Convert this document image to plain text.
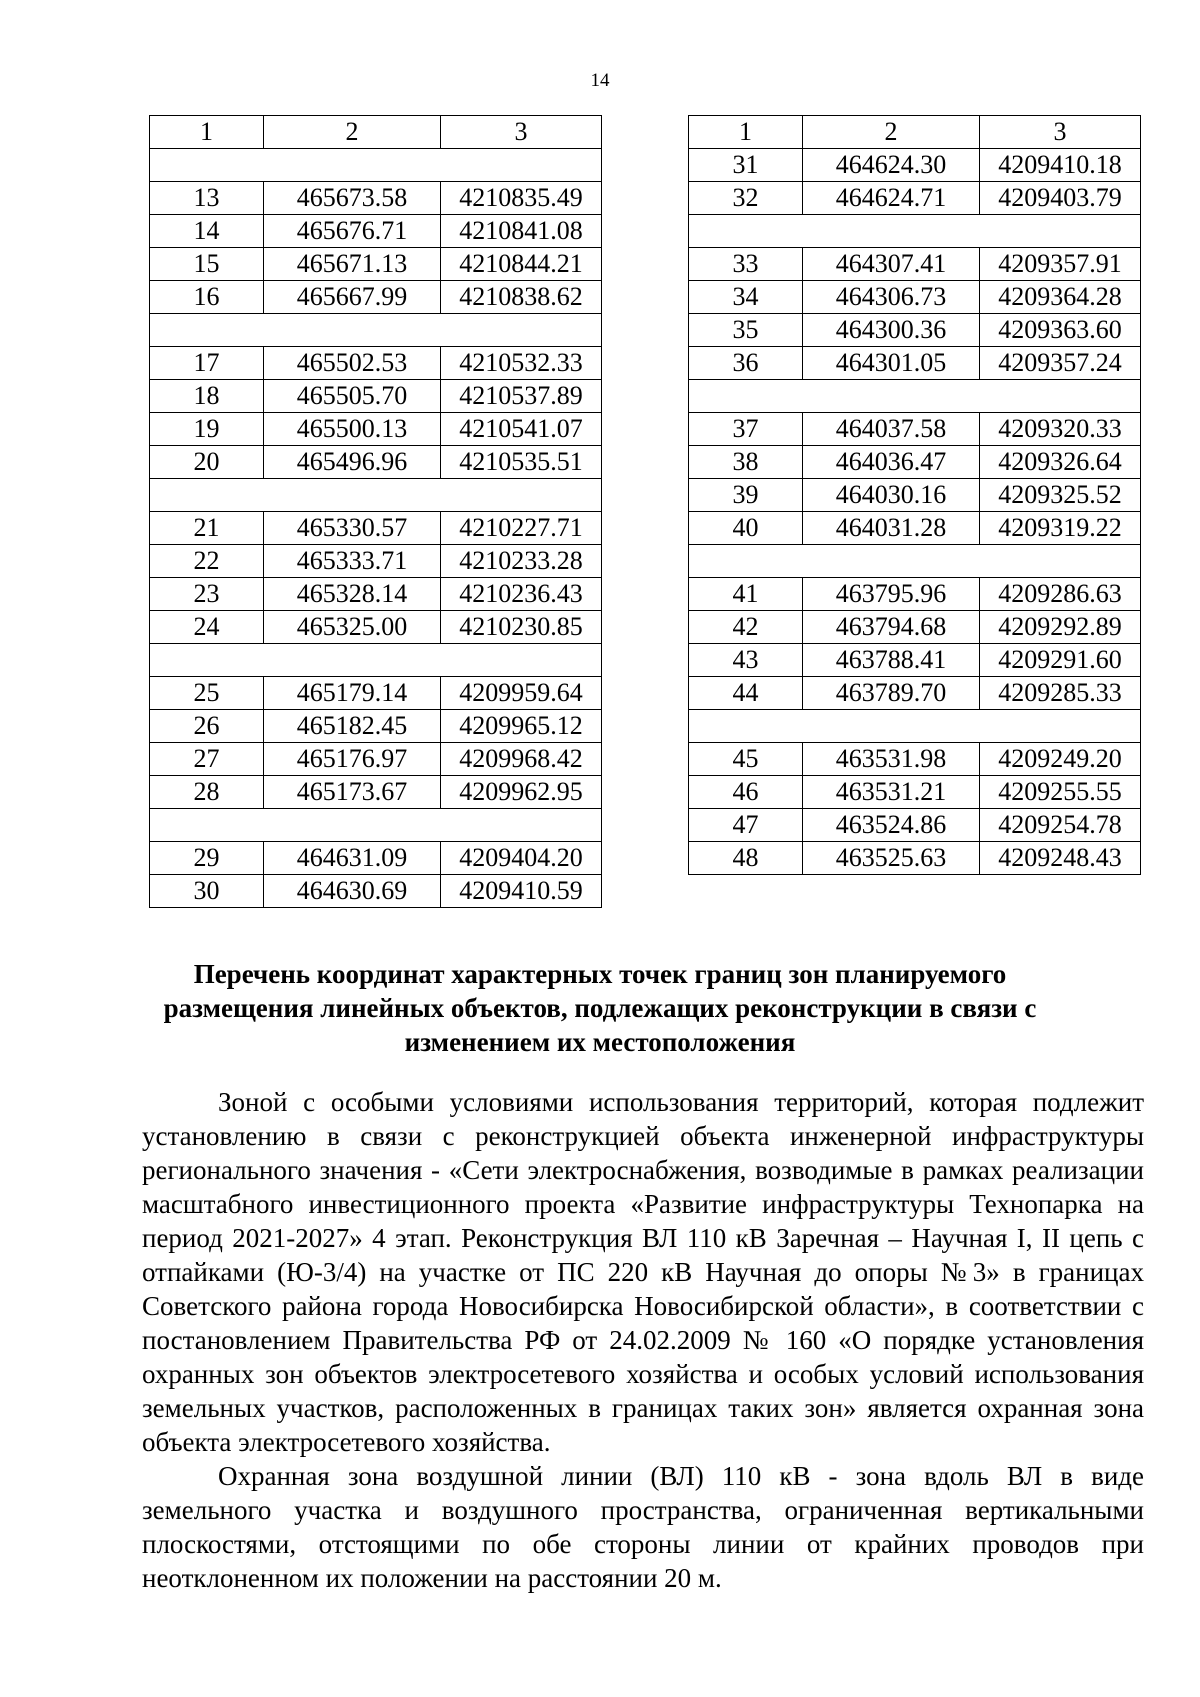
14
1	2	3

13	465673.58	4210835.49
14	465676.71	4210841.08
15	465671.13	4210844.21
16	465667.99	4210838.62

17	465502.53	4210532.33
18	465505.70	4210537.89
19	465500.13	4210541.07
20	465496.96	4210535.51

21	465330.57	4210227.71
22	465333.71	4210233.28
23	465328.14	4210236.43
24	465325.00	4210230.85

25	465179.14	4209959.64
26	465182.45	4209965.12
27	465176.97	4209968.42
28	465173.67	4209962.95

29	464631.09	4209404.20
30	464630.69	4209410.59
1	2	3
31	464624.30	4209410.18
32	464624.71	4209403.79

33	464307.41	4209357.91
34	464306.73	4209364.28
35	464300.36	4209363.60
36	464301.05	4209357.24

37	464037.58	4209320.33
38	464036.47	4209326.64
39	464030.16	4209325.52
40	464031.28	4209319.22

41	463795.96	4209286.63
42	463794.68	4209292.89
43	463788.41	4209291.60
44	463789.70	4209285.33

45	463531.98	4209249.20
46	463531.21	4209255.55
47	463524.86	4209254.78
48	463525.63	4209248.43
Перечень координат характерных точек границ зон планируемого размещения линейных объектов, подлежащих реконструкции в связи с изменением их местоположения

Зоной с особыми условиями использования территорий, которая подлежит установлению в связи с реконструкцией объекта инженерной инфраструктуры регионального значения - «Сети электроснабжения, возводимые в рамках реализации масштабного инвестиционного проекта «Развитие инфраструктуры Технопарка на период 2021-2027» 4 этап. Реконструкция ВЛ 110 кВ Заречная – Научная I, II цепь с отпайками (Ю-3/4) на участке от ПС 220 кВ Научная до опоры №3» в границах Советского района города Новосибирска Новосибирской области», в соответствии с постановлением Правительства РФ от 24.02.2009 № 160 «О порядке установления охранных зон объектов электросетевого хозяйства и особых условий использования земельных участков, расположенных в границах таких зон» является охранная зона объекта электросетевого хозяйства.

Охранная зона воздушной линии (ВЛ) 110 кВ - зона вдоль ВЛ в виде земельного участка и воздушного пространства, ограниченная вертикальными плоскостями, отстоящими по обе стороны линии от крайних проводов при неотклоненном их положении на расстоянии 20 м.
